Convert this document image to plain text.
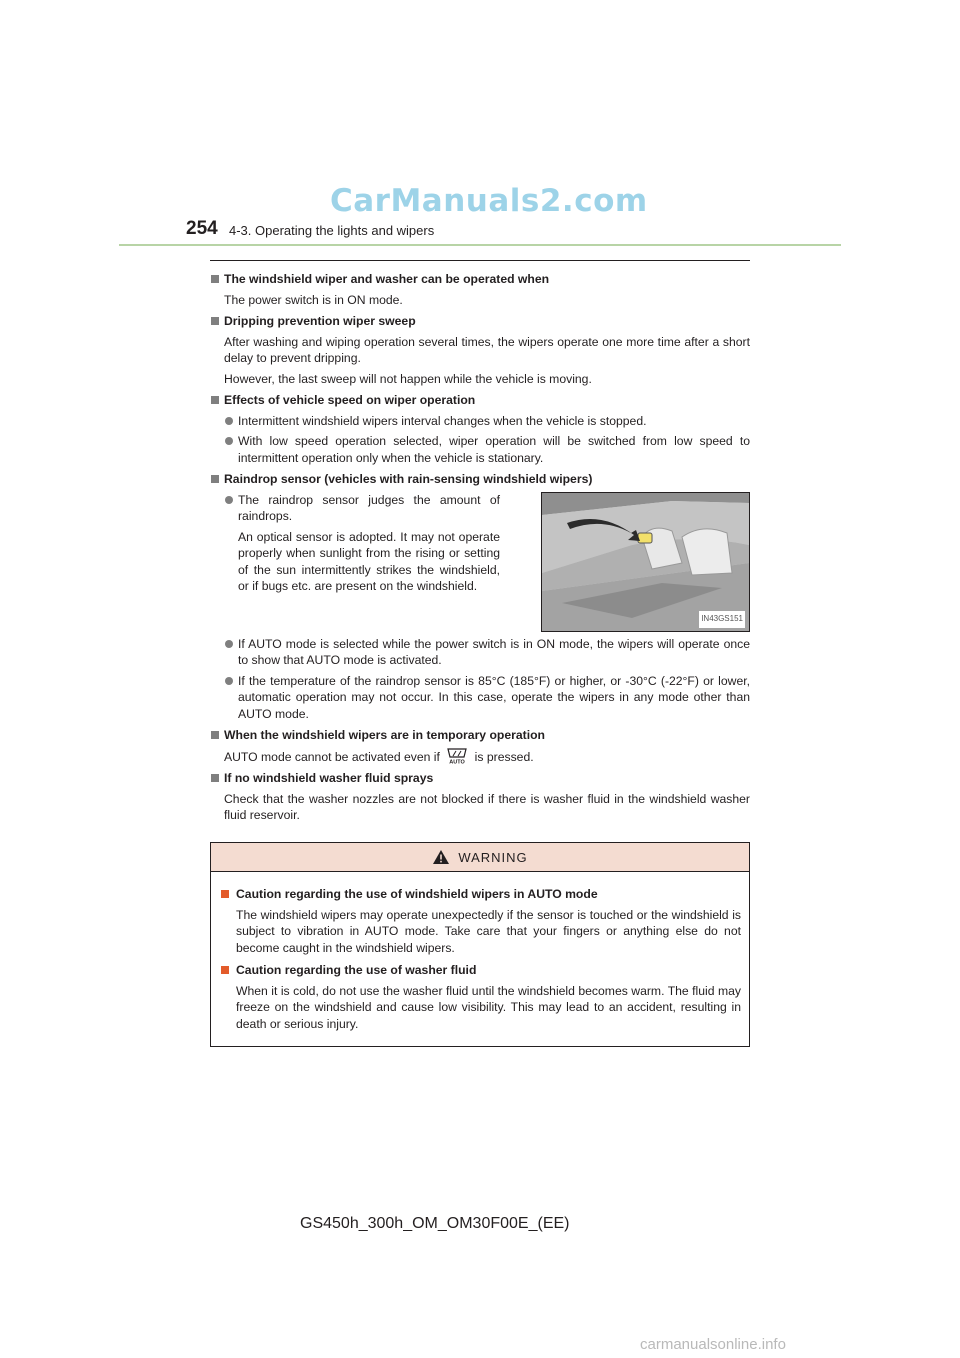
CarManuals2.com
254 4-3. Operating the lights and wipers
The windshield wiper and washer can be operated when
The power switch is in ON mode.
Dripping prevention wiper sweep
After washing and wiping operation several times, the wipers operate one more time after a short delay to prevent dripping.
However, the last sweep will not happen while the vehicle is moving.
Effects of vehicle speed on wiper operation
Intermittent windshield wipers interval changes when the vehicle is stopped.
With low speed operation selected, wiper operation will be switched from low speed to intermittent operation only when the vehicle is stationary.
Raindrop sensor (vehicles with rain-sensing windshield wipers)
The raindrop sensor judges the amount of raindrops.
An optical sensor is adopted. It may not operate properly when sunlight from the rising or setting of the sun intermittently strikes the windshield, or if bugs etc. are present on the windshield.
IN43GS151
If AUTO mode is selected while the power switch is in ON mode, the wipers will operate once to show that AUTO mode is activated.
If the temperature of the raindrop sensor is 85°C (185°F) or higher, or -30°C (-22°F) or lower, automatic operation may not occur. In this case, operate the wipers in any mode other than AUTO mode.
When the windshield wipers are in temporary operation
AUTO mode cannot be activated even if AUTO is pressed.
If no windshield washer fluid sprays
Check that the washer nozzles are not blocked if there is washer fluid in the windshield washer fluid reservoir.
WARNING
Caution regarding the use of windshield wipers in AUTO mode
The windshield wipers may operate unexpectedly if the sensor is touched or the windshield is subject to vibration in AUTO mode. Take care that your fingers or anything else do not become caught in the windshield wipers.
Caution regarding the use of washer fluid
When it is cold, do not use the washer fluid until the windshield becomes warm. The fluid may freeze on the windshield and cause low visibility. This may lead to an accident, resulting in death or serious injury.
GS450h_300h_OM_OM30F00E_(EE)
carmanualsonline.info
